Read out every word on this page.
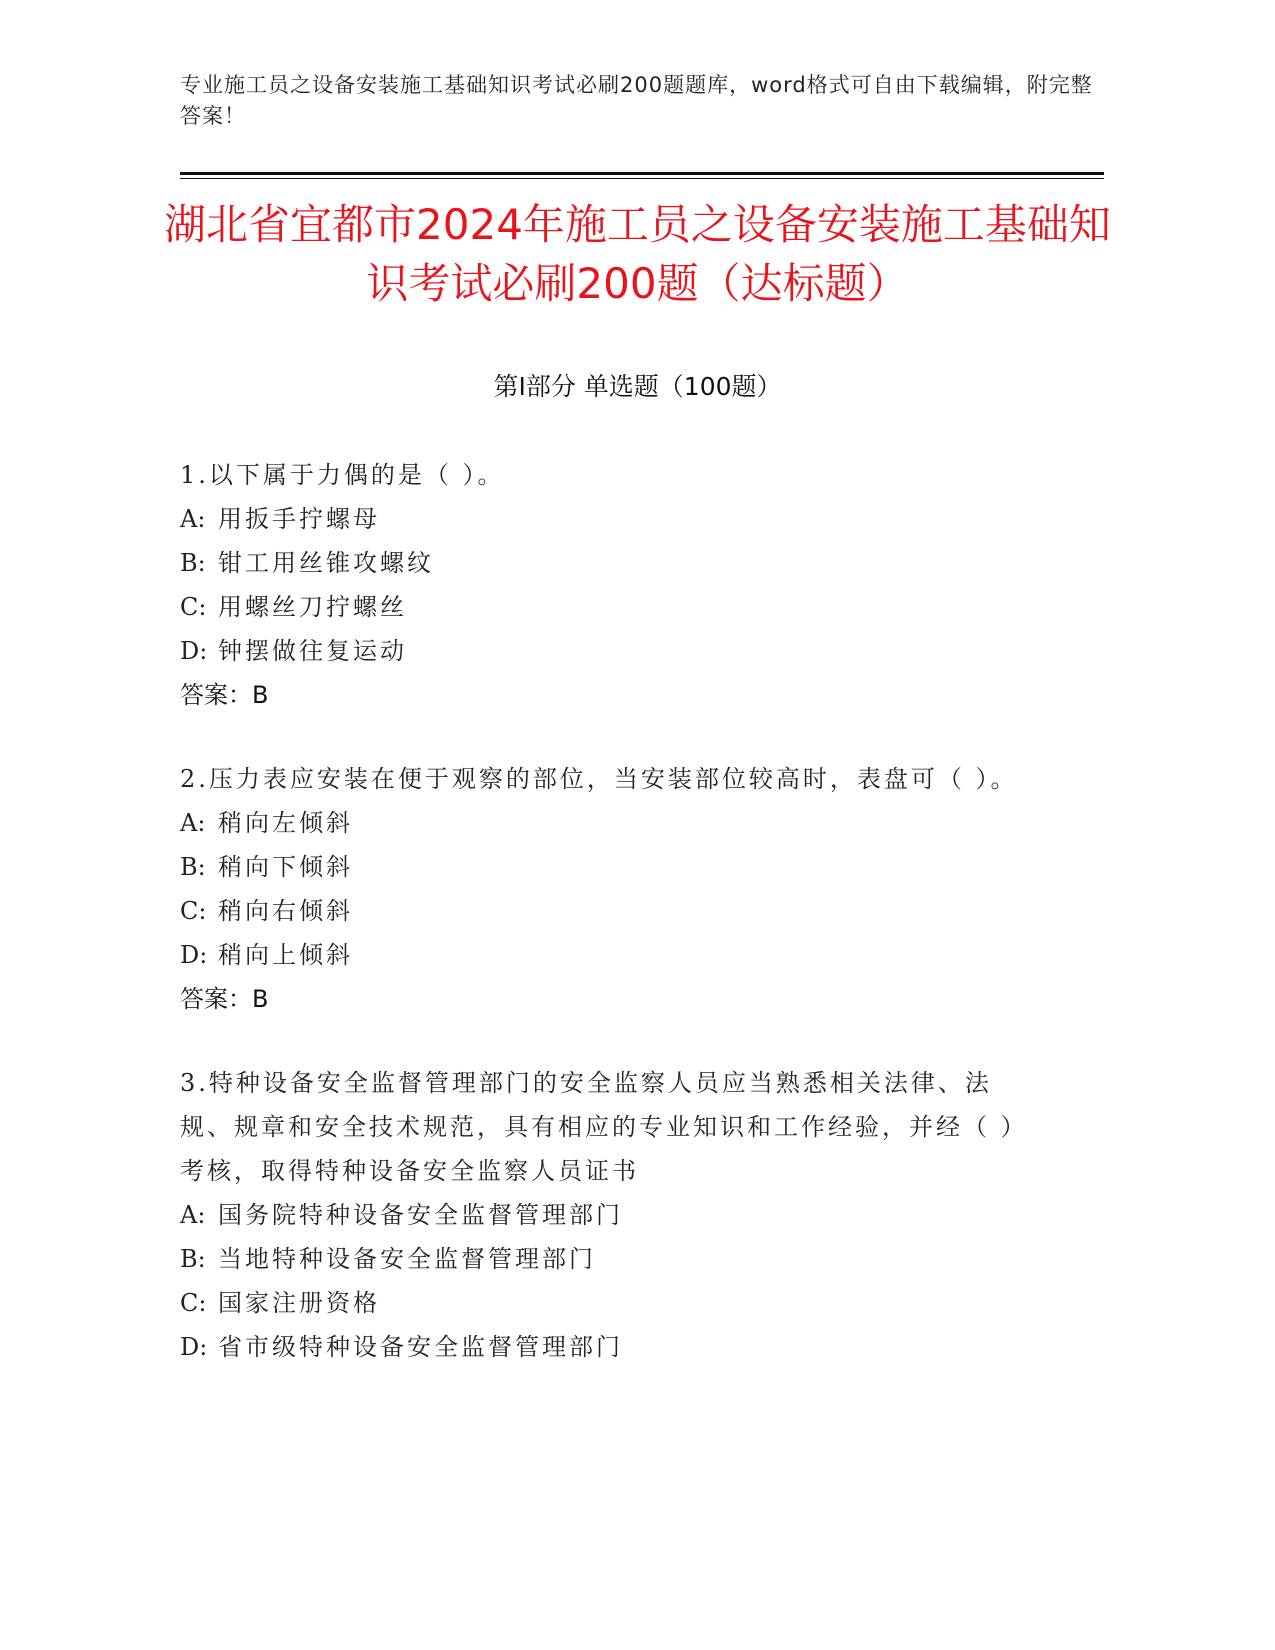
专业施工员之设备安装施工基础知识考试必刷200题题库，word格式可自由下载编辑，附完整答案！
湖北省宜都市2024年施工员之设备安装施工基础知识考试必刷200题（达标题）
第I部分 单选题（100题）

1.以下属于力偶的是（ ）。

A: 用扳手拧螺母

B: 钳工用丝锥攻螺纹

C: 用螺丝刀拧螺丝

D: 钟摆做往复运动

答案：B

2.压力表应安装在便于观察的部位，当安装部位较高时，表盘可（ ）。

A: 稍向左倾斜

B: 稍向下倾斜

C: 稍向右倾斜

D: 稍向上倾斜

答案：B

3.特种设备安全监督管理部门的安全监察人员应当熟悉相关法律、法规、规章和安全技术规范，具有相应的专业知识和工作经验，并经（ ）考核，取得特种设备安全监察人员证书

A: 国务院特种设备安全监督管理部门

B: 当地特种设备安全监督管理部门

C: 国家注册资格

D: 省市级特种设备安全监督管理部门
